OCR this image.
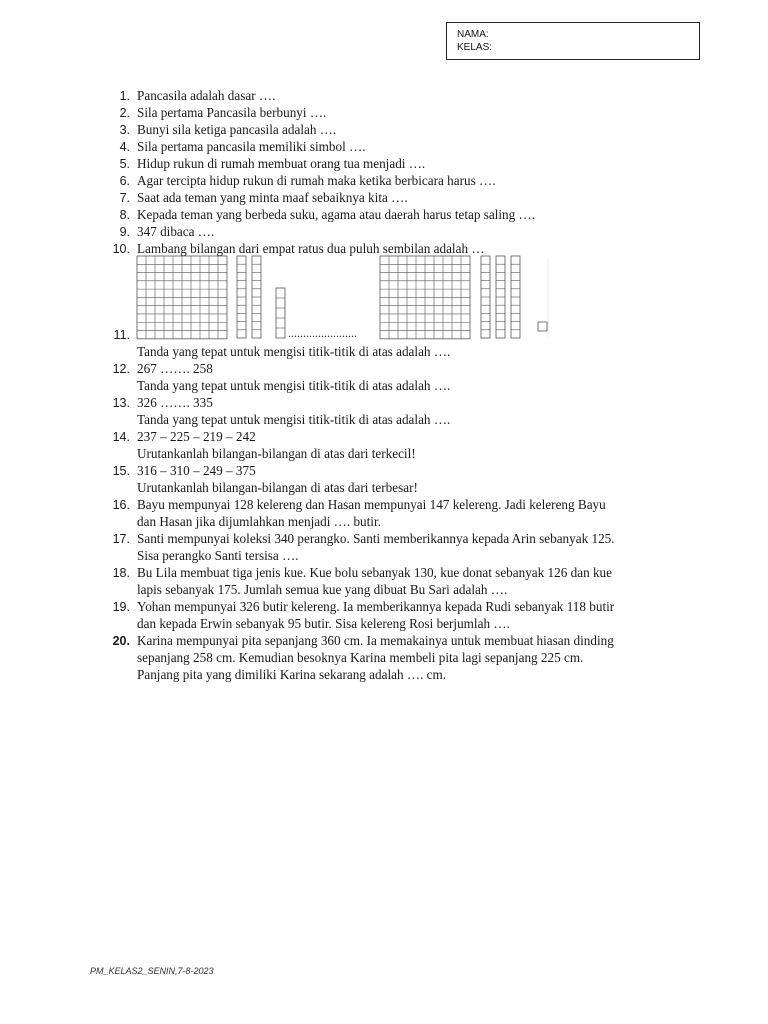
NAMA:
KELAS:
1. Pancasila adalah dasar ….
2. Sila pertama Pancasila berbunyi ….
3. Bunyi sila ketiga pancasila adalah ….
4. Sila pertama pancasila memiliki simbol ….
5. Hidup rukun di rumah membuat orang tua menjadi ….
6. Agar tercipta hidup rukun di rumah maka ketika berbicara harus ….
7. Saat ada teman yang minta maaf sebaiknya kita ….
8. Kepada teman yang berbeda suku, agama atau daerah harus tetap saling ….
9. 347 dibaca ….
10. Lambang bilangan dari empat ratus dua puluh sembilan adalah …
11.
Tanda yang tepat untuk mengisi titik-titik di atas adalah ….
.......................
12. 267 ……. 258
Tanda yang tepat untuk mengisi titik-titik di atas adalah ….
13. 326 ……. 335
Tanda yang tepat untuk mengisi titik-titik di atas adalah ….
14. 237 – 225 – 219 – 242
Urutankanlah bilangan-bilangan di atas dari terkecil!
15. 316 – 310 – 249 – 375
Urutankanlah bilangan-bilangan di atas dari terbesar!
16. Bayu mempunyai 128 kelereng dan Hasan mempunyai 147 kelereng. Jadi kelereng Bayu
dan Hasan jika dijumlahkan menjadi …. butir.
17. Santi mempunyai koleksi 340 perangko. Santi memberikannya kepada Arin sebanyak 125.
Sisa perangko Santi tersisa ….
18. Bu Lila membuat tiga jenis kue. Kue bolu sebanyak 130, kue donat sebanyak 126 dan kue
lapis sebanyak 175. Jumlah semua kue yang dibuat Bu Sari adalah ….
19. Yohan mempunyai 326 butir kelereng. Ia memberikannya kepada Rudi sebanyak 118 butir
dan kepada Erwin sebanyak 95 butir. Sisa kelereng Rosi berjumlah ….
20. Karina mempunyai pita sepanjang 360 cm. Ia memakainya untuk membuat hiasan dinding
sepanjang 258 cm. Kemudian besoknya Karina membeli pita lagi sepanjang 225 cm.
Panjang pita yang dimiliki Karina sekarang adalah …. cm.
PM_KELAS2_SENIN,7-8-2023
